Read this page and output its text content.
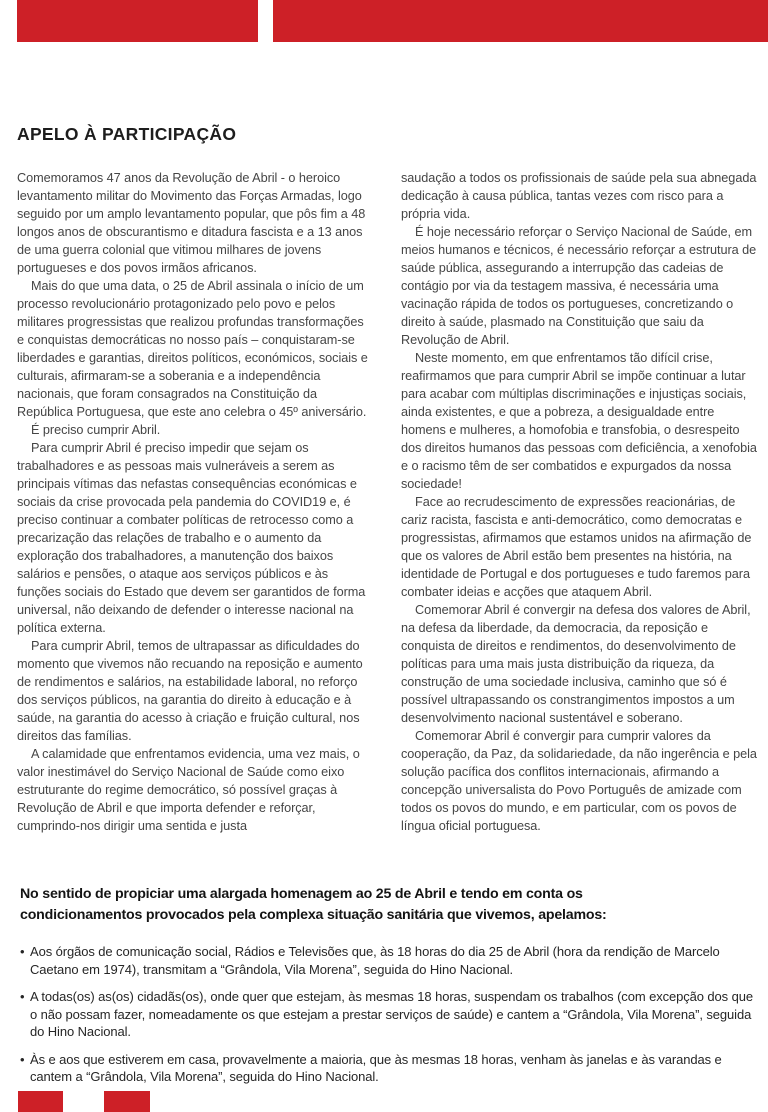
APELO À PARTICIPAÇÃO

Comemoramos 47 anos da Revolução de Abril - o heroico levantamento militar do Movimento das Forças Armadas, logo seguido por um amplo levantamento popular, que pôs fim a 48 longos anos de obscurantismo e ditadura fascista e a 13 anos de uma guerra colonial que vitimou milhares de jovens portugueses e dos povos irmãos africanos.

Mais do que uma data, o 25 de Abril assinala o início de um processo revolucionário protagonizado pelo povo e pelos militares progressistas que realizou profundas transformações e conquistas democráticas no nosso país – conquistaram-se liberdades e garantias, direitos políticos, económicos, sociais e culturais, afirmaram-se a soberania e a independência nacionais, que foram consagrados na Constituição da República Portuguesa, que este ano celebra o 45º aniversário.

É preciso cumprir Abril.

Para cumprir Abril é preciso impedir que sejam os trabalhadores e as pessoas mais vulneráveis a serem as principais vítimas das nefastas consequências económicas e sociais da crise provocada pela pandemia do COVID19 e, é preciso continuar a combater políticas de retrocesso como a precarização das relações de trabalho e o aumento da exploração dos trabalhadores, a manutenção dos baixos salários e pensões, o ataque aos serviços públicos e às funções sociais do Estado que devem ser garantidos de forma universal, não deixando de defender o interesse nacional na política externa.

Para cumprir Abril, temos de ultrapassar as dificuldades do momento que vivemos não recuando na reposição e aumento de rendimentos e salários, na estabilidade laboral, no reforço dos serviços públicos, na garantia do direito à educação e à saúde, na garantia do acesso à criação e fruição cultural, nos direitos das famílias.

A calamidade que enfrentamos evidencia, uma vez mais, o valor inestimável do Serviço Nacional de Saúde como eixo estruturante do regime democrático, só possível graças à Revolução de Abril e que importa defender e reforçar, cumprindo-nos dirigir uma sentida e justa

saudação a todos os profissionais de saúde pela sua abnegada dedicação à causa pública, tantas vezes com risco para a própria vida.

É hoje necessário reforçar o Serviço Nacional de Saúde, em meios humanos e técnicos, é necessário reforçar a estrutura de saúde pública, assegurando a interrupção das cadeias de contágio por via da testagem massiva, é necessária uma vacinação rápida de todos os portugueses, concretizando o direito à saúde, plasmado na Constituição que saiu da Revolução de Abril.

Neste momento, em que enfrentamos tão difícil crise, reafirmamos que para cumprir Abril se impõe continuar a lutar para acabar com múltiplas discriminações e injustiças sociais, ainda existentes, e que a pobreza, a desigualdade entre homens e mulheres, a homofobia e transfobia, o desrespeito dos direitos humanos das pessoas com deficiência, a xenofobia e o racismo têm de ser combatidos e expurgados da nossa sociedade!

Face ao recrudescimento de expressões reacionárias, de cariz racista, fascista e anti-democrático, como democratas e progressistas, afirmamos que estamos unidos na afirmação de que os valores de Abril estão bem presentes na história, na identidade de Portugal e dos portugueses e tudo faremos para combater ideias e acções que ataquem Abril.

Comemorar Abril é convergir na defesa dos valores de Abril, na defesa da liberdade, da democracia, da reposição e conquista de direitos e rendimentos, do desenvolvimento de políticas para uma mais justa distribuição da riqueza, da construção de uma sociedade inclusiva, caminho que só é possível ultrapassando os constrangimentos impostos a um desenvolvimento nacional sustentável e soberano.

Comemorar Abril é convergir para cumprir valores da cooperação, da Paz, da solidariedade, da não ingerência e pela solução pacífica dos conflitos internacionais, afirmando a concepção universalista do Povo Português de amizade com todos os povos do mundo, e em particular, com os povos de língua oficial portuguesa.

No sentido de propiciar uma alargada homenagem ao 25 de Abril e tendo em conta os condicionamentos provocados pela complexa situação sanitária que vivemos, apelamos:

• Aos órgãos de comunicação social, Rádios e Televisões que, às 18 horas do dia 25 de Abril (hora da rendição de Marcelo Caetano em 1974), transmitam a “Grândola, Vila Morena”, seguida do Hino Nacional.
• A todas(os) as(os) cidadãs(os), onde quer que estejam, às mesmas 18 horas, suspendam os trabalhos (com excepção dos que o não possam fazer, nomeadamente os que estejam a prestar serviços de saúde) e cantem a “Grândola, Vila Morena”, seguida do Hino Nacional.
• Às e aos que estiverem em casa, provavelmente a maioria, que às mesmas 18 horas, venham às janelas e às varandas e cantem a “Grândola, Vila Morena”, seguida do Hino Nacional.
